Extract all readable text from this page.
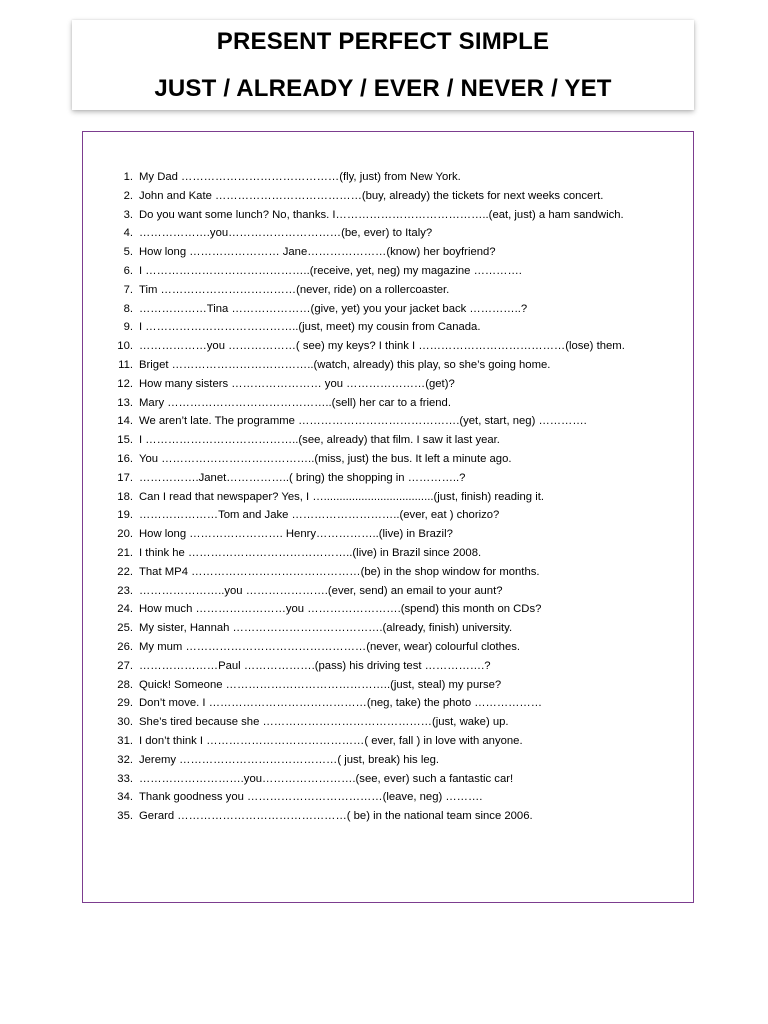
PRESENT PERFECT SIMPLE
JUST / ALREADY / EVER / NEVER / YET
1. My Dad ……………………………………(fly, just) from New York.
2. John and Kate …………………………………(buy, already) the tickets for next weeks concert.
3. Do you want some lunch? No, thanks. I…………………………………..(eat, just) a ham sandwich.
4. ……………….you…………………………(be, ever) to Italy?
5. How long …………………… Jane…………………(know) her boyfriend?
6. I ……………………………………..(receive, yet, neg) my magazine ………….
7. Tim ………………………………(never, ride) on a rollercoaster.
8. ………………Tina …………………(give, yet) you your jacket back …………..?
9. I …………………………………..(just, meet) my cousin from Canada.
10. ………………you ………………( see) my keys? I think I …………………………………(lose) them.
11. Briget ………………………………..(watch, already) this play, so she’s going home.
12. How many sisters …………………… you …………………(get)?
13. Mary ……………………………………..(sell) her car to a friend.
14. We aren’t late. The programme …………………………………….(yet, start, neg) ………….
15. I …………………………………..(see, already) that film. I saw it last year.
16. You …………………………………..(miss, just) the bus. It left a minute ago.
17. …………….Janet……………..( bring) the shopping in …………..?
18. Can I read that newspaper? Yes, I …...................................(just, finish) reading it.
19. …………………Tom and Jake ………………………..(ever, eat ) chorizo?
20. How long ……………………. Henry……………..(live) in Brazil?
21. I think he ……………………………………..(live) in Brazil since 2008.
22. That MP4 ………………………………………(be) in the shop window for months.
23. …………………..you ………………….(ever, send) an email to your aunt?
24. How much ……………………you …………………….(spend) this month on CDs?
25. My sister, Hannah ………………………………….(already, finish) university.
26. My mum …………………………………………(never, wear) colourful clothes.
27. …………………Paul ……………….(pass) his driving test …………….?
28. Quick! Someone ……………………………………..(just, steal) my purse?
29. Don’t move. I ……………………………………(neg, take) the photo ………………
30. She’s tired because she ………………………………………(just, wake) up.
31. I don’t think I ……………………………………( ever, fall ) in love with anyone.
32. Jeremy ……………………………………( just, break) his leg.
33. ……………………….you…………………….(see, ever) such a fantastic car!
34. Thank goodness you ………………………………(leave, neg) ……….
35. Gerard ………………………………………( be) in the national team since 2006.
